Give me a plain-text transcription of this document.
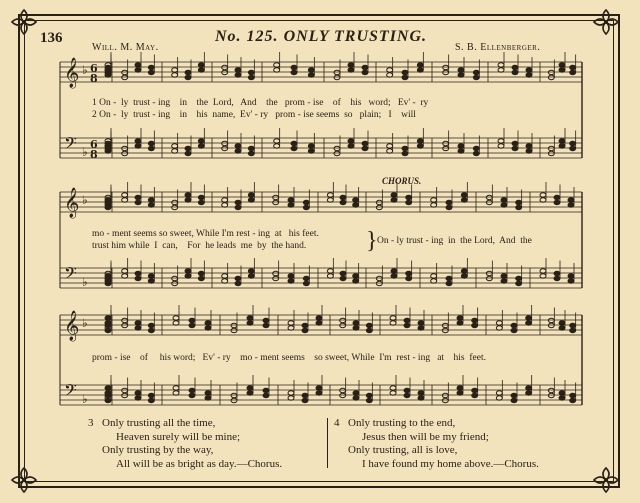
136	No. 125. ONLY TRUSTING.
Will. M. May.	S. B. Ellenberger.
CHORUS.
𝄞 ♭ 6
8
𝄢 ♭
6
8
𝄞 ♭
𝄢 ♭
𝄞 ♭
𝄢 ♭
1 On -  ly  trust - ing    in    the  Lord,   And    the   prom - ise    of    his   word;   Ev' -  ry
2 On -  ly  trust - ing    in    his  name,  Ev' - ry   prom - ise seems  so   plain;   I    will
mo - ment seems so sweet, While I'm rest - ing  at   his feet.
trust him while  I  can,    For  he leads  me  by  the hand. } On - ly trust - ing  in  the Lord,  And  the
prom - ise    of     his word;   Ev' - ry    mo - ment seems    so sweet, While  I'm  rest - ing   at    his  feet.
3 Only trusting all the time,
Heaven surely will be mine;
Only trusting by the way,
All will be as bright as day.—Chorus.
4 Only trusting to the end,
Jesus then will be my friend;
Only trusting, all is love,
I have found my home above.—Chorus.
